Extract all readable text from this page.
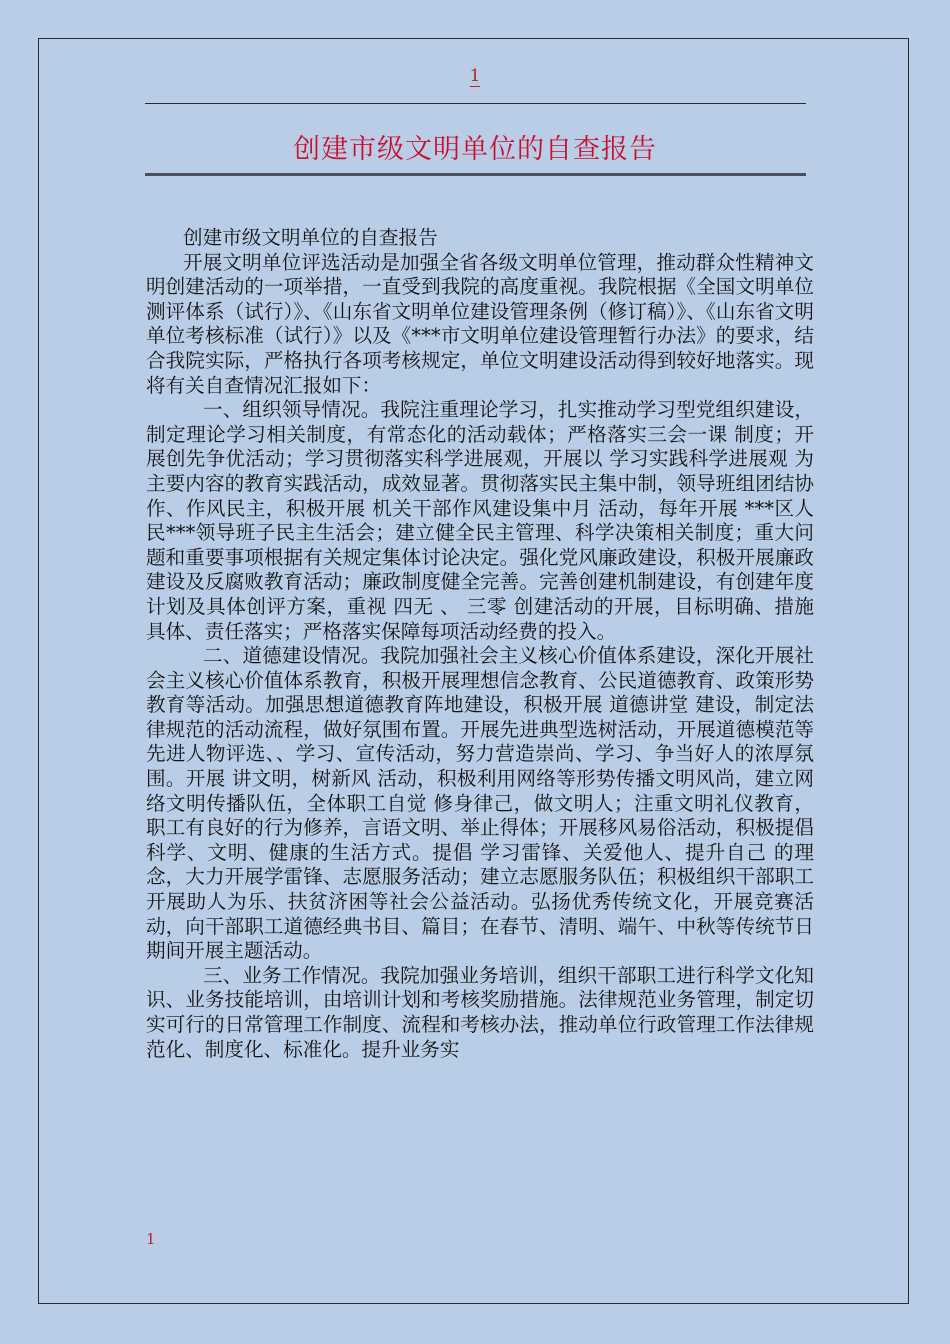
1
创建市级文明单位的自查报告

创建市级文明单位的自查报告

开展文明单位评选活动是加强全省各级文明单位管理，推动群众性精神文明创建活动的一项举措，一直受到我院的高度重视。我院根据《全国文明单位测评体系（试行）》、《山东省文明单位建设管理条例（修订稿）》、《山东省文明单位考核标准（试行）》以及《***市文明单位建设管理暂行办法》的要求，结合我院实际，严格执行各项考核规定，单位文明建设活动得到较好地落实。现将有关自查情况汇报如下：

一、组织领导情况。我院注重理论学习，扎实推动学习型党组织建设，制定理论学习相关制度，有常态化的活动载体；严格落实三会一课 制度；开展创先争优活动；学习贯彻落实科学进展观，开展以 学习实践科学进展观 为主要内容的教育实践活动，成效显著。贯彻落实民主集中制，领导班组团结协作、作风民主，积极开展 机关干部作风建设集中月 活动，每年开展 ***区人民***领导班子民主生活会；建立健全民主管理、科学决策相关制度；重大问题和重要事项根据有关规定集体讨论决定。强化党风廉政建设，积极开展廉政建设及反腐败教育活动；廉政制度健全完善。完善创建机制建设，有创建年度计划及具体创评方案，重视 四无 、 三零 创建活动的开展，目标明确、措施具体、责任落实；严格落实保障每项活动经费的投入。

二、道德建设情况。我院加强社会主义核心价值体系建设，深化开展社会主义核心价值体系教育，积极开展理想信念教育、公民道德教育、政策形势教育等活动。加强思想道德教育阵地建设，积极开展 道德讲堂 建设，制定法律规范的活动流程，做好氛围布置。开展先进典型选树活动，开展道德模范等先进人物评选、、学习、宣传活动，努力营造崇尚、学习、争当好人的浓厚氛围。开展 讲文明，树新风 活动，积极利用网络等形势传播文明风尚，建立网络文明传播队伍，全体职工自觉 修身律己，做文明人；注重文明礼仪教育，职工有良好的行为修养，言语文明、举止得体；开展移风易俗活动，积极提倡科学、文明、健康的生活方式。提倡 学习雷锋、关爱他人、提升自己 的理念，大力开展学雷锋、志愿服务活动；建立志愿服务队伍；积极组织干部职工开展助人为乐、扶贫济困等社会公益活动。弘扬优秀传统文化，开展竞赛活动，向干部职工道德经典书目、篇目；在春节、清明、端午、中秋等传统节日期间开展主题活动。

三、业务工作情况。我院加强业务培训，组织干部职工进行科学文化知识、业务技能培训，由培训计划和考核奖励措施。法律规范业务管理，制定切实可行的日常管理工作制度、流程和考核办法，推动单位行政管理工作法律规范化、制度化、标准化。提升业务实

1
